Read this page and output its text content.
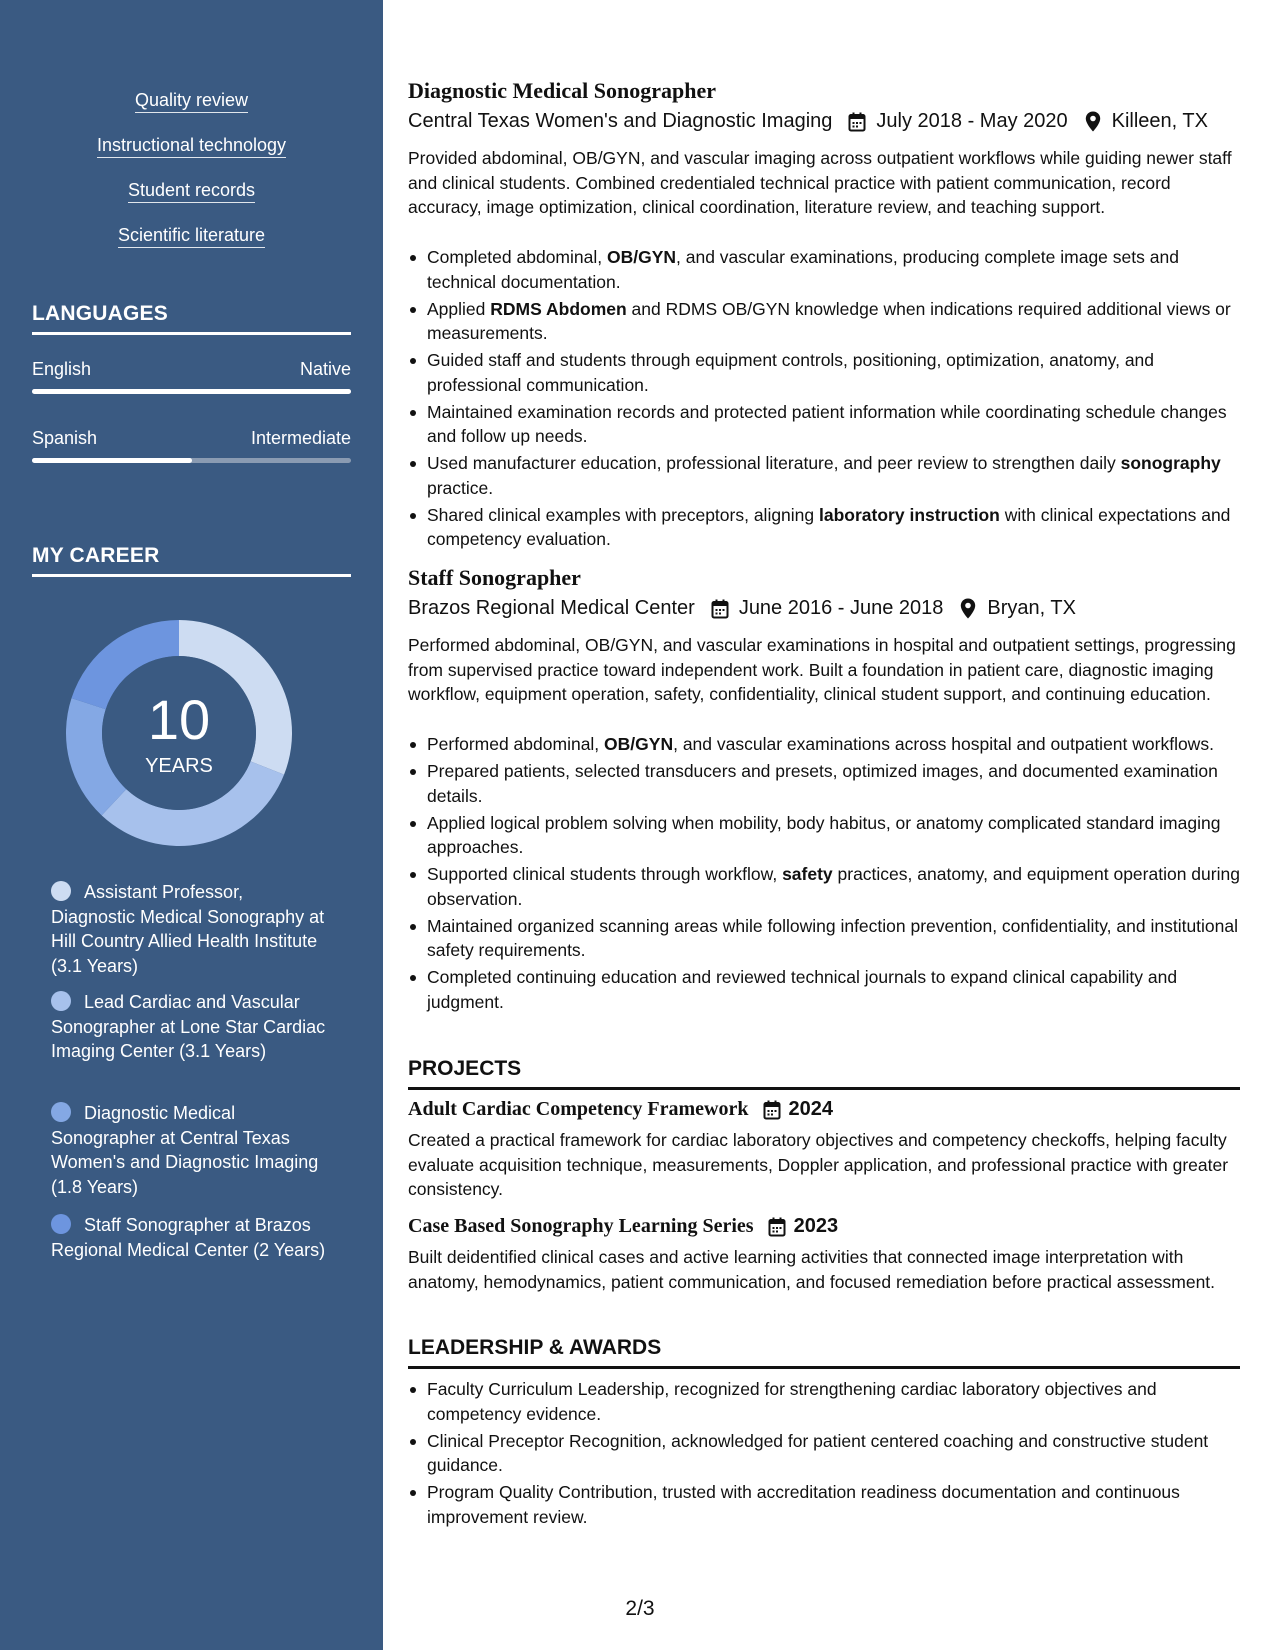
Quality review
Instructional technology
Student records
Scientific literature
LANGUAGES
English	Native
Spanish	Intermediate
MY CAREER
10
YEARS
Assistant Professor, Diagnostic Medical Sonography at Hill Country Allied Health Institute (3.1 Years)
Lead Cardiac and Vascular Sonographer at Lone Star Cardiac Imaging Center (3.1 Years)
Diagnostic Medical Sonographer at Central Texas Women's and Diagnostic Imaging (1.8 Years)
Staff Sonographer at Brazos Regional Medical Center (2 Years)
Diagnostic Medical Sonographer
Central Texas Women's and Diagnostic Imaging July 2018 - May 2020 Killeen, TX
Provided abdominal, OB/GYN, and vascular imaging across outpatient workflows while guiding newer staff and clinical students. Combined credentialed technical practice with patient communication, record accuracy, image optimization, clinical coordination, literature review, and teaching support.
Completed abdominal, OB/GYN, and vascular examinations, producing complete image sets and technical documentation.
Applied RDMS Abdomen and RDMS OB/GYN knowledge when indications required additional views or measurements.
Guided staff and students through equipment controls, positioning, optimization, anatomy, and professional communication.
Maintained examination records and protected patient information while coordinating schedule changes and follow up needs.
Used manufacturer education, professional literature, and peer review to strengthen daily sonography practice.
Shared clinical examples with preceptors, aligning laboratory instruction with clinical expectations and competency evaluation.
Staff Sonographer
Brazos Regional Medical Center June 2016 - June 2018 Bryan, TX
Performed abdominal, OB/GYN, and vascular examinations in hospital and outpatient settings, progressing from supervised practice toward independent work. Built a foundation in patient care, diagnostic imaging workflow, equipment operation, safety, confidentiality, clinical student support, and continuing education.
Performed abdominal, OB/GYN, and vascular examinations across hospital and outpatient workflows.
Prepared patients, selected transducers and presets, optimized images, and documented examination details.
Applied logical problem solving when mobility, body habitus, or anatomy complicated standard imaging approaches.
Supported clinical students through workflow, safety practices, anatomy, and equipment operation during observation.
Maintained organized scanning areas while following infection prevention, confidentiality, and institutional safety requirements.
Completed continuing education and reviewed technical journals to expand clinical capability and judgment.
PROJECTS
Adult Cardiac Competency Framework 2024
Created a practical framework for cardiac laboratory objectives and competency checkoffs, helping faculty evaluate acquisition technique, measurements, Doppler application, and professional practice with greater consistency.
Case Based Sonography Learning Series 2023
Built deidentified clinical cases and active learning activities that connected image interpretation with anatomy, hemodynamics, patient communication, and focused remediation before practical assessment.
LEADERSHIP & AWARDS
Faculty Curriculum Leadership, recognized for strengthening cardiac laboratory objectives and competency evidence.
Clinical Preceptor Recognition, acknowledged for patient centered coaching and constructive student guidance.
Program Quality Contribution, trusted with accreditation readiness documentation and continuous improvement review.
2/3
